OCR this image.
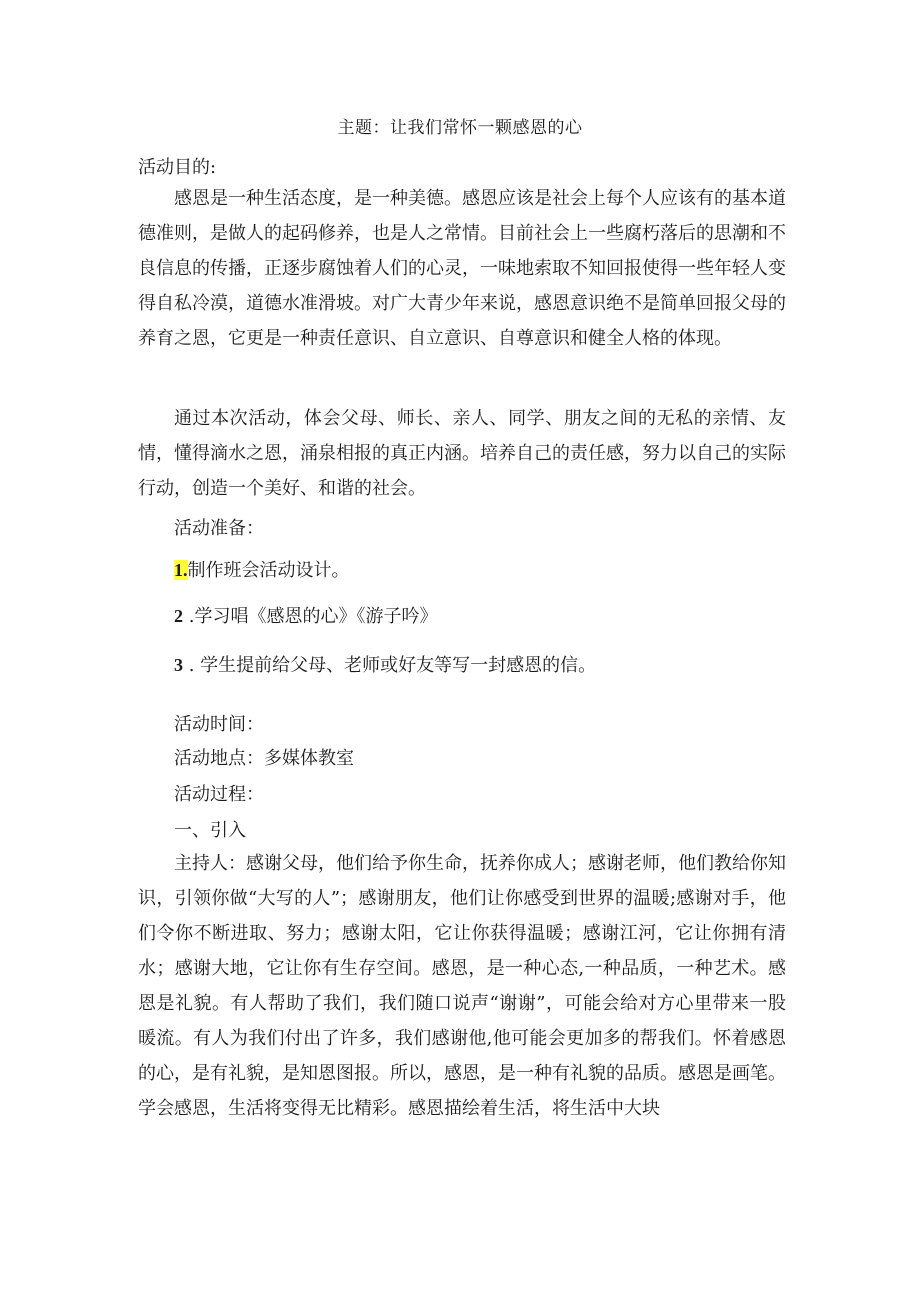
主题：让我们常怀一颗感恩的心
活动目的:
感恩是一种生活态度，是一种美德。感恩应该是社会上每个人应该有的基本道德准则，是做人的起码修养，也是人之常情。目前社会上一些腐朽落后的思潮和不良信息的传播，正逐步腐蚀着人们的心灵，一味地索取不知回报使得一些年轻人变得自私冷漠，道德水准滑坡。对广大青少年来说，感恩意识绝不是简单回报父母的养育之恩，它更是一种责任意识、自立意识、自尊意识和健全人格的体现。
通过本次活动，体会父母、师长、亲人、同学、朋友之间的无私的亲情、友情，懂得滴水之恩，涌泉相报的真正内涵。培养自己的责任感，努力以自己的实际行动，创造一个美好、和谐的社会。
活动准备：
1.制作班会活动设计。
2 .学习唱《感恩的心》《游子吟》
3 . 学生提前给父母、老师或好友等写一封感恩的信。
活动时间：
活动地点：多媒体教室
活动过程：
一、引入
主持人：感谢父母，他们给予你生命，抚养你成人；感谢老师，他们教给你知识，引领你做“大写的人”；感谢朋友，他们让你感受到世界的温暖;感谢对手，他们令你不断进取、努力；感谢太阳，它让你获得温暖；感谢江河，它让你拥有清水；感谢大地，它让你有生存空间。感恩，是一种心态,一种品质，一种艺术。感恩是礼貌。有人帮助了我们，我们随口说声“谢谢”，可能会给对方心里带来一股暖流。有人为我们付出了许多，我们感谢他,他可能会更加多的帮我们。怀着感恩的心，是有礼貌，是知恩图报。所以，感恩，是一种有礼貌的品质。感恩是画笔。学会感恩，生活将变得无比精彩。感恩描绘着生活，将生活中大块
